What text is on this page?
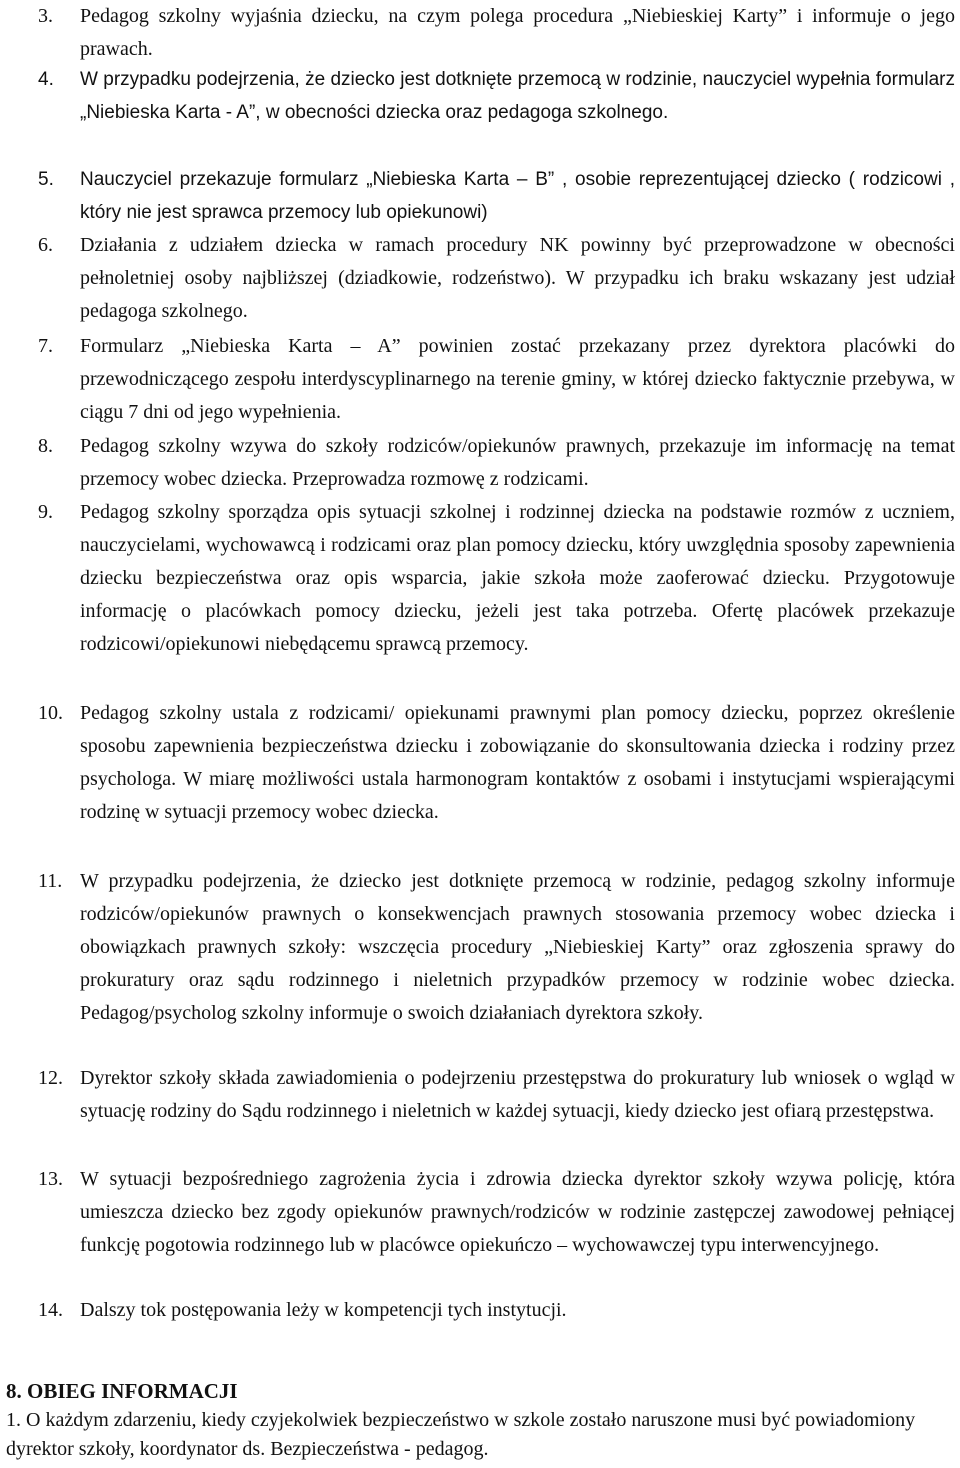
3.	Pedagog szkolny wyjaśnia dziecku, na czym polega procedura „Niebieskiej Karty” i informuje o jego prawach.
4.	W przypadku podejrzenia, że dziecko jest dotknięte przemocą w rodzinie, nauczyciel wypełnia formularz „Niebieska Karta - A”, w obecności dziecka oraz pedagoga szkolnego.
5.	Nauczyciel przekazuje formularz „Niebieska Karta – B” , osobie reprezentującej dziecko ( rodzicowi , który nie jest sprawca przemocy lub opiekunowi)
6.	Działania z udziałem dziecka w ramach procedury NK powinny być przeprowadzone w obecności pełnoletniej osoby najbliższej (dziadkowie, rodzeństwo). W przypadku ich braku wskazany jest udział pedagoga szkolnego.
7.	Formularz „Niebieska Karta – A” powinien zostać przekazany przez dyrektora placówki do przewodniczącego zespołu interdyscyplinarnego na terenie gminy, w której dziecko faktycznie przebywa, w ciągu 7 dni od jego wypełnienia.
8.	Pedagog szkolny wzywa do szkoły rodziców/opiekunów prawnych, przekazuje im informację na temat przemocy wobec dziecka. Przeprowadza rozmowę z rodzicami.
9.	Pedagog szkolny sporządza opis sytuacji szkolnej i rodzinnej dziecka na podstawie rozmów z uczniem, nauczycielami, wychowawcą i rodzicami oraz plan pomocy dziecku, który uwzględnia sposoby zapewnienia dziecku bezpieczeństwa oraz opis wsparcia, jakie szkoła może zaoferować dziecku. Przygotowuje informację o placówkach pomocy dziecku, jeżeli jest taka potrzeba. Ofertę placówek przekazuje rodzicowi/opiekunowi niebędącemu sprawcą przemocy.
10. Pedagog szkolny ustala z rodzicami/ opiekunami prawnymi plan pomocy dziecku, poprzez określenie sposobu zapewnienia bezpieczeństwa dziecku i zobowiązanie do skonsultowania dziecka i rodziny przez psychologa. W miarę możliwości ustala harmonogram kontaktów z osobami i instytucjami wspierającymi rodzinę w sytuacji przemocy wobec dziecka.
11. W przypadku podejrzenia, że dziecko jest dotknięte przemocą w rodzinie, pedagog szkolny informuje rodziców/opiekunów prawnych o konsekwencjach prawnych stosowania przemocy wobec dziecka i obowiązkach prawnych szkoły: wszczęcia procedury „Niebieskiej Karty” oraz zgłoszenia sprawy do prokuratury oraz sądu rodzinnego i nieletnich przypadków przemocy w rodzinie wobec dziecka. Pedagog/psycholog szkolny informuje o swoich działaniach dyrektora szkoły.
12. Dyrektor szkoły składa zawiadomienia o podejrzeniu przestępstwa do prokuratury lub wniosek o wgląd w sytuację rodziny do Sądu rodzinnego i nieletnich w każdej sytuacji, kiedy dziecko jest ofiarą przestępstwa.
13. W sytuacji bezpośredniego zagrożenia życia i zdrowia dziecka dyrektor szkoły wzywa policję, która umieszcza dziecko bez zgody opiekunów prawnych/rodziców w rodzinie zastępczej zawodowej pełniącej funkcję pogotowia rodzinnego lub w placówce opiekuńczo – wychowawczej typu interwencyjnego.
14. Dalszy tok postępowania leży w kompetencji tych instytucji.
8. OBIEG INFORMACJI

1. O każdym zdarzeniu, kiedy czyjekolwiek bezpieczeństwo w szkole zostało naruszone musi być powiadomiony dyrektor szkoły, koordynator ds. Bezpieczeństwa - pedagog.
